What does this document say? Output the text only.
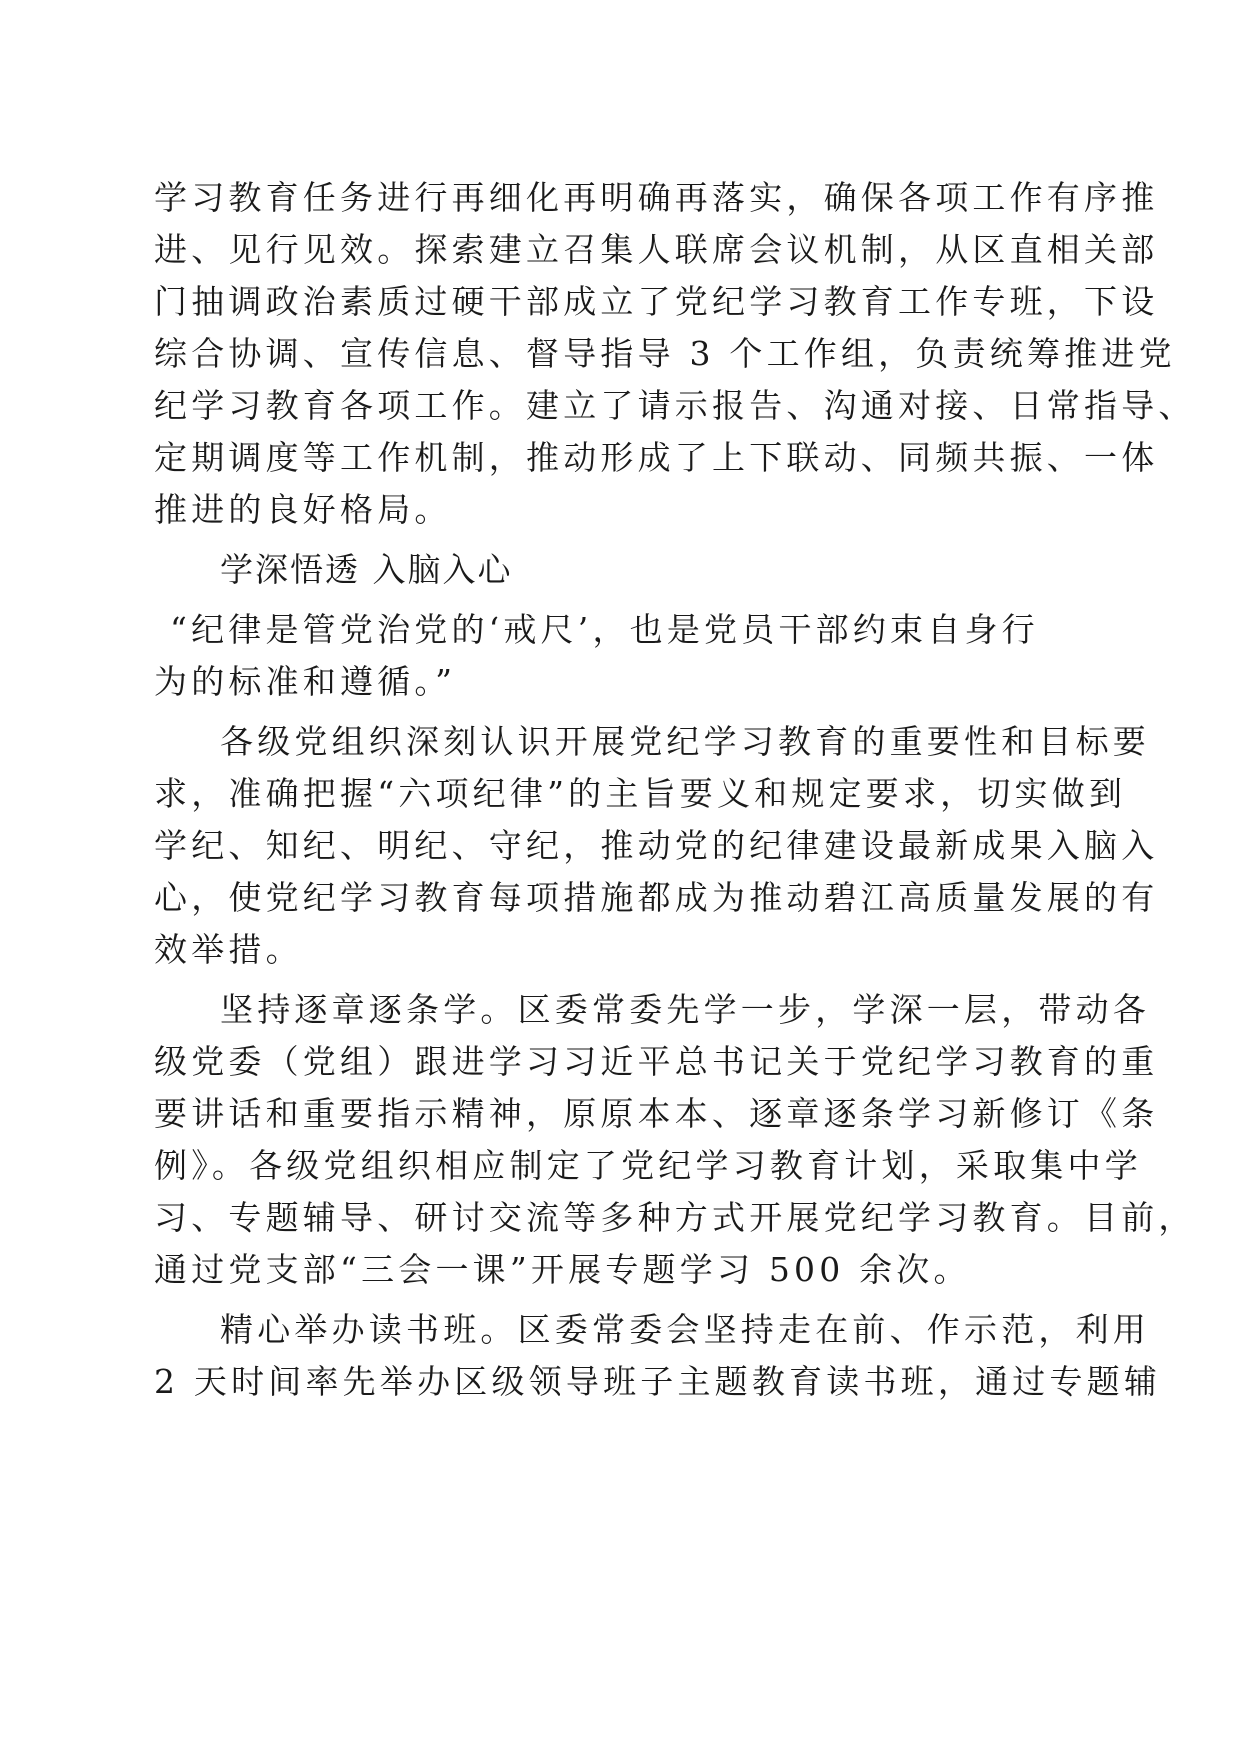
学习教育任务进行再细化再明确再落实，确保各项工作有序推
进、见行见效。探索建立召集人联席会议机制，从区直相关部
门抽调政治素质过硬干部成立了党纪学习教育工作专班，下设
综合协调、宣传信息、督导指导 3 个工作组，负责统筹推进党
纪学习教育各项工作。建立了请示报告、沟通对接、日常指导、
定期调度等工作机制，推动形成了上下联动、同频共振、一体
推进的良好格局。
学深悟透 入脑入心
“纪律是管党治党的‘戒尺’，也是党员干部约束自身行
为的标准和遵循。”
各级党组织深刻认识开展党纪学习教育的重要性和目标要
求，准确把握“六项纪律”的主旨要义和规定要求，切实做到
学纪、知纪、明纪、守纪，推动党的纪律建设最新成果入脑入
心，使党纪学习教育每项措施都成为推动碧江高质量发展的有
效举措。
坚持逐章逐条学。区委常委先学一步，学深一层，带动各
级党委（党组）跟进学习习近平总书记关于党纪学习教育的重
要讲话和重要指示精神，原原本本、逐章逐条学习新修订《条
例》。各级党组织相应制定了党纪学习教育计划，采取集中学
习、专题辅导、研讨交流等多种方式开展党纪学习教育。目前，
通过党支部“三会一课”开展专题学习 500 余次。
精心举办读书班。区委常委会坚持走在前、作示范，利用
2 天时间率先举办区级领导班子主题教育读书班，通过专题辅
